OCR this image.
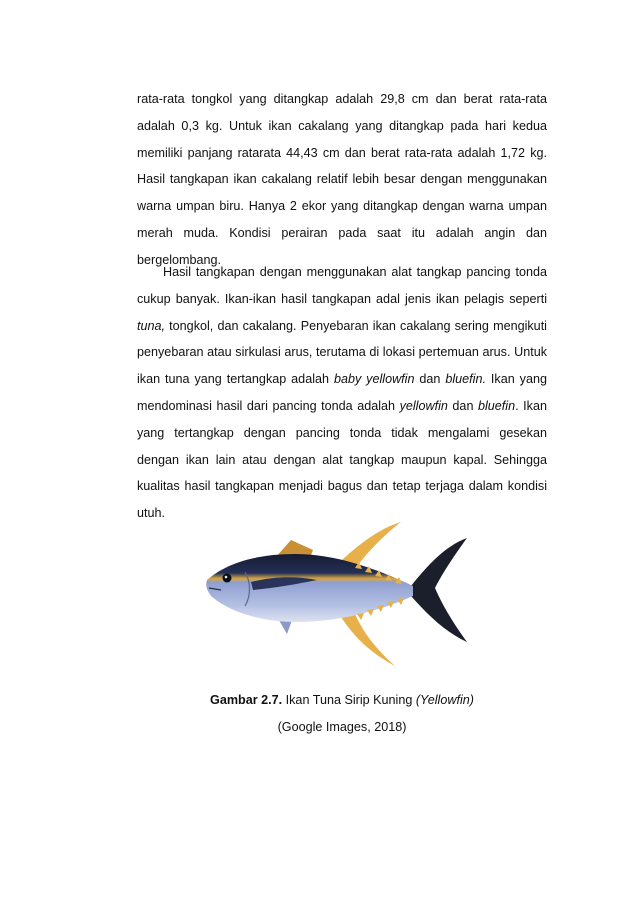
rata-rata tongkol yang ditangkap adalah 29,8 cm dan berat rata-rata adalah 0,3 kg. Untuk ikan cakalang yang ditangkap pada hari kedua memiliki panjang ratarata 44,43 cm dan berat rata-rata adalah 1,72 kg. Hasil tangkapan ikan cakalang relatif lebih besar dengan menggunakan warna umpan biru. Hanya 2 ekor yang ditangkap dengan warna umpan merah muda. Kondisi perairan pada saat itu adalah angin dan bergelombang.

Hasil tangkapan dengan menggunakan alat tangkap pancing tonda cukup banyak. Ikan-ikan hasil tangkapan adal jenis ikan pelagis seperti tuna, tongkol, dan cakalang. Penyebaran ikan cakalang sering mengikuti penyebaran atau sirkulasi arus, terutama di lokasi pertemuan arus. Untuk ikan tuna yang tertangkap adalah baby yellowfin dan bluefin. Ikan yang mendominasi hasil dari pancing tonda adalah yellowfin dan bluefin. Ikan yang tertangkap dengan pancing tonda tidak mengalami gesekan dengan ikan lain atau dengan alat tangkap maupun kapal. Sehingga kualitas hasil tangkapan menjadi bagus dan tetap terjaga dalam kondisi utuh.

Gambar 2.7. Ikan Tuna Sirip Kuning (Yellowfin)
(Google Images, 2018)
